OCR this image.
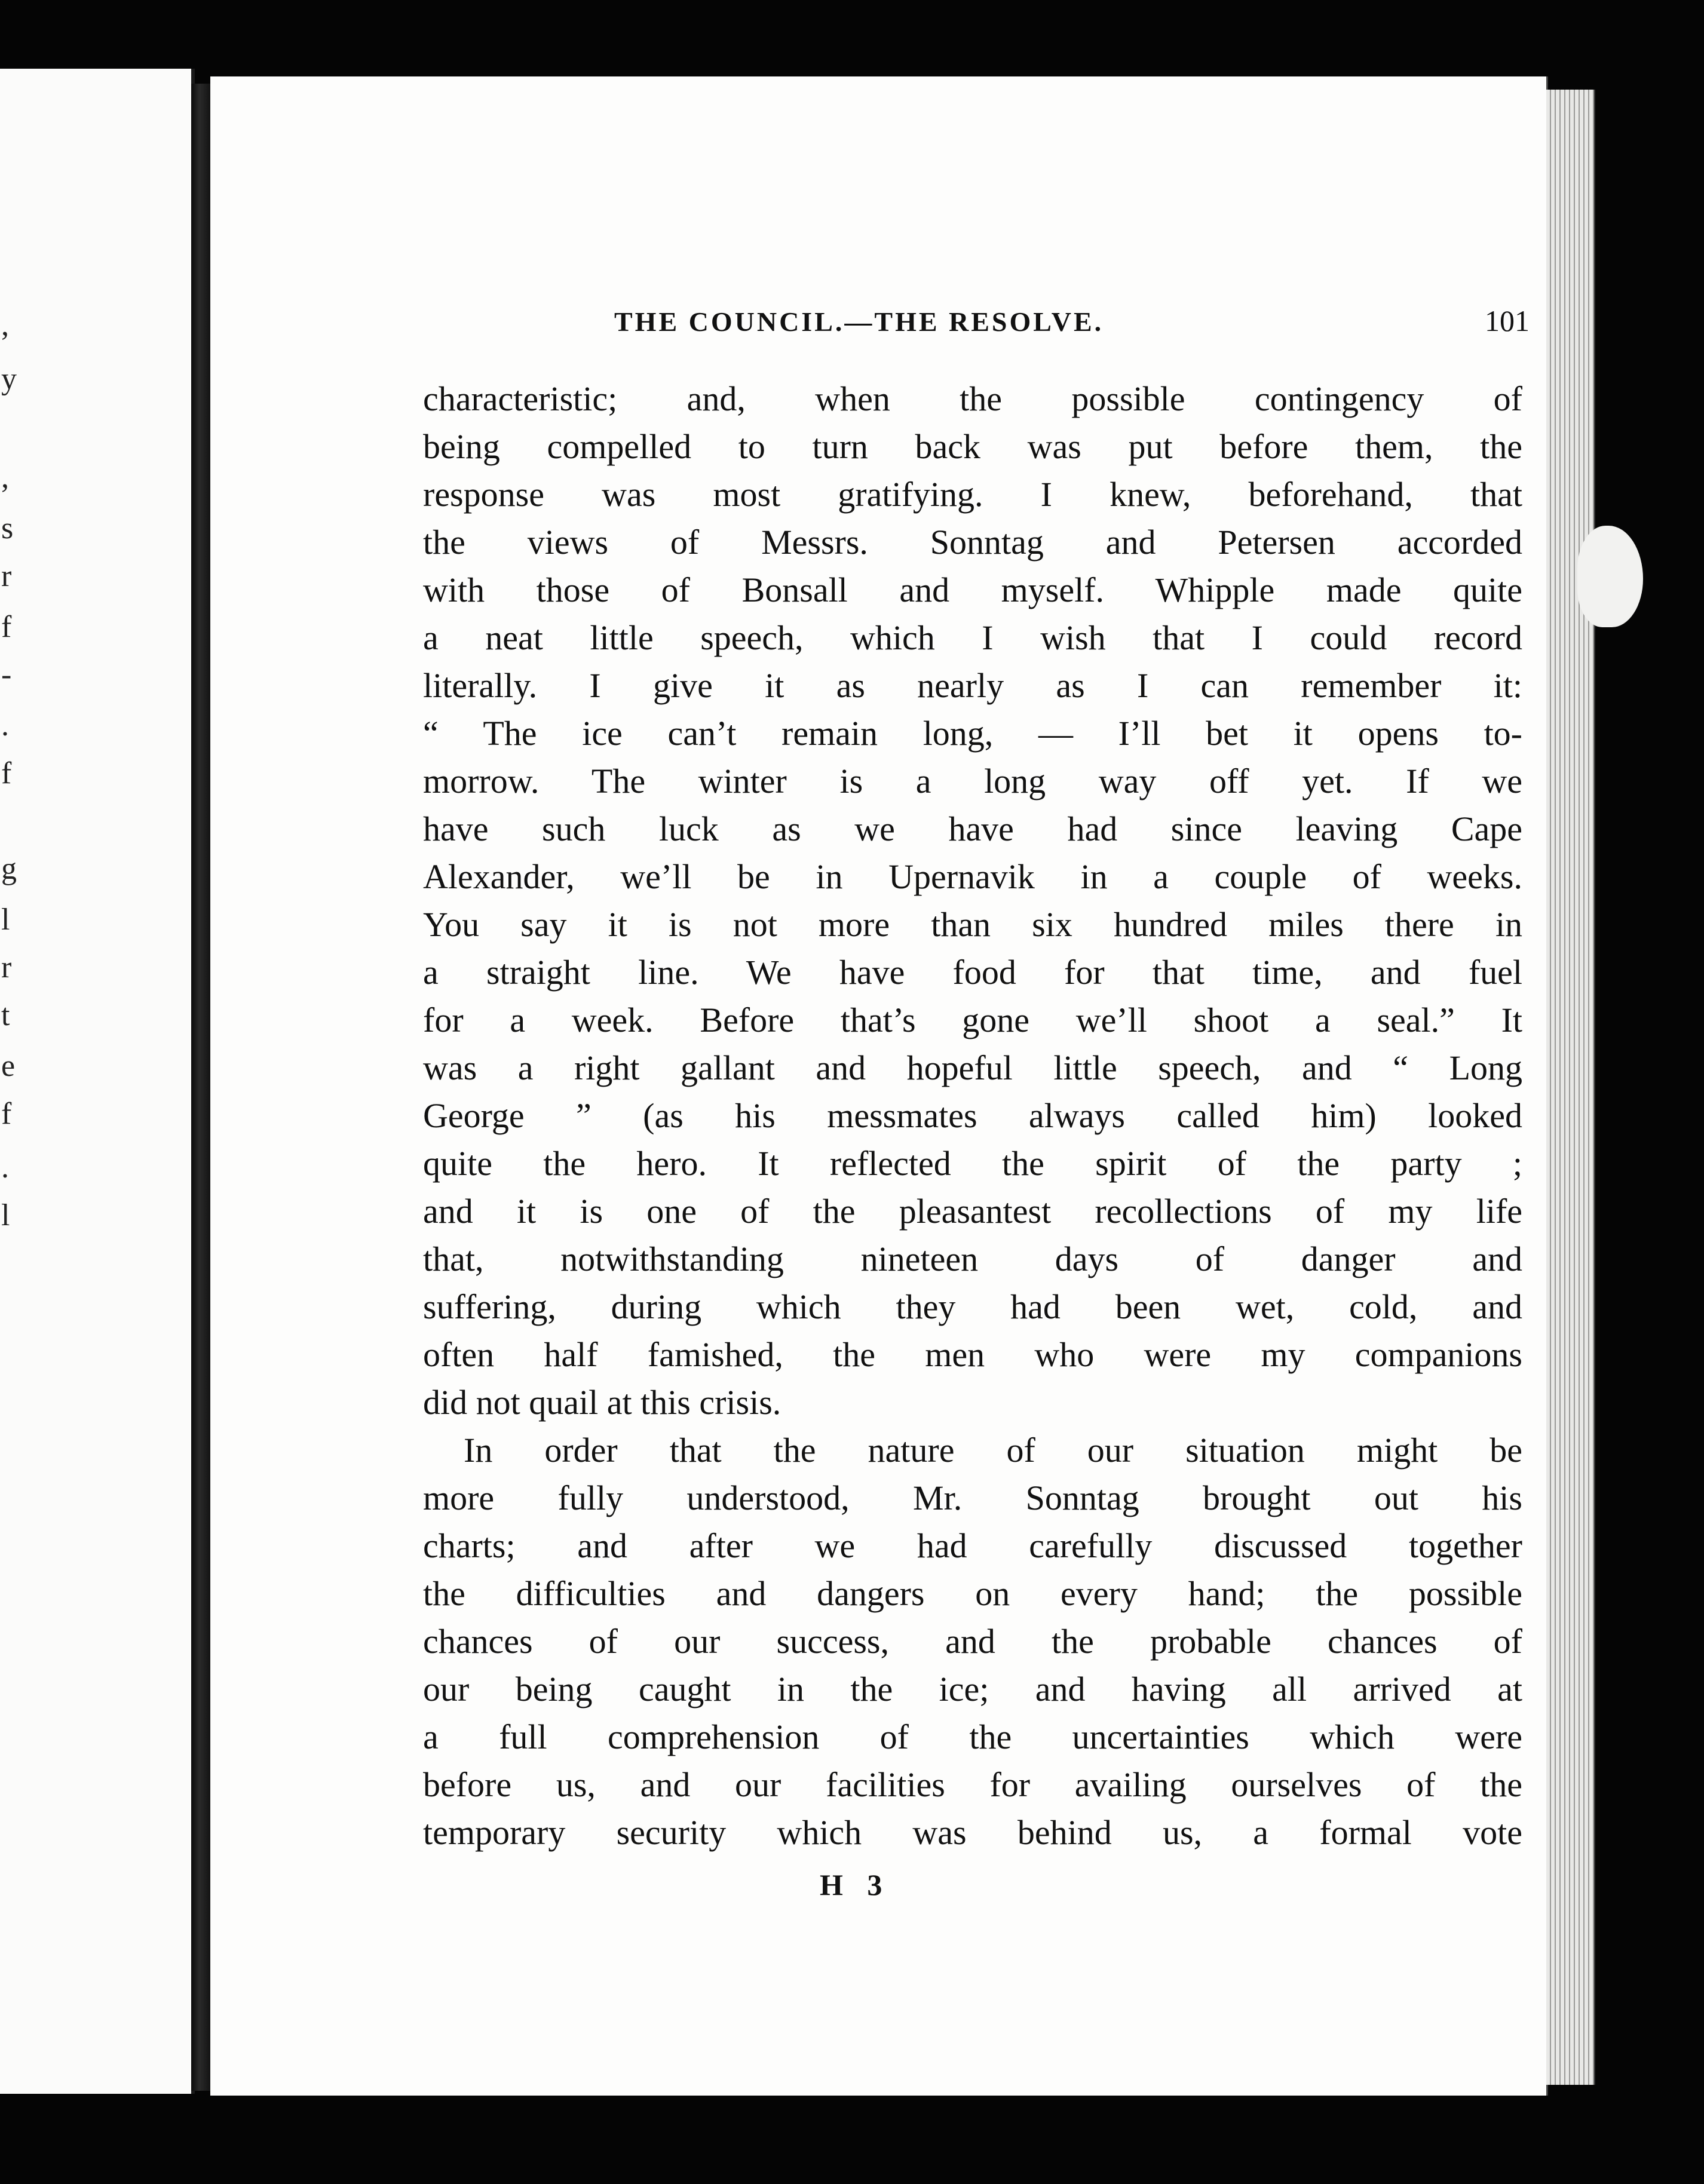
,
y
,
s
r
f
-
.
f
g
l
r
t
e
f
.
l
THE COUNCIL.—THE RESOLVE.	101
characteristic; and, when the possible contingency of
being compelled to turn back was put before them, the
response was most gratifying. I knew, beforehand, that
the views of Messrs. Sonntag and Petersen accorded
with those of Bonsall and myself. Whipple made quite
a neat little speech, which I wish that I could record
literally. I give it as nearly as I can remember it:
“ The ice can’t remain long, — I’ll bet it opens to-
morrow. The winter is a long way off yet. If we
have such luck as we have had since leaving Cape
Alexander, we’ll be in Upernavik in a couple of weeks.
You say it is not more than six hundred miles there in
a straight line. We have food for that time, and fuel
for a week. Before that’s gone we’ll shoot a seal.” It
was a right gallant and hopeful little speech, and “ Long
George ” (as his messmates always called him) looked
quite the hero. It reflected the spirit of the party ;
and it is one of the pleasantest recollections of my life
that, notwithstanding nineteen days of danger and
suffering, during which they had been wet, cold, and
often half famished, the men who were my companions
did not quail at this crisis.
In order that the nature of our situation might be
more fully understood, Mr. Sonntag brought out his
charts; and after we had carefully discussed together
the difficulties and dangers on every hand; the possible
chances of our success, and the probable chances of
our being caught in the ice; and having all arrived at
a full comprehension of the uncertainties which were
before us, and our facilities for availing ourselves of the
temporary security which was behind us, a formal vote
H 3
